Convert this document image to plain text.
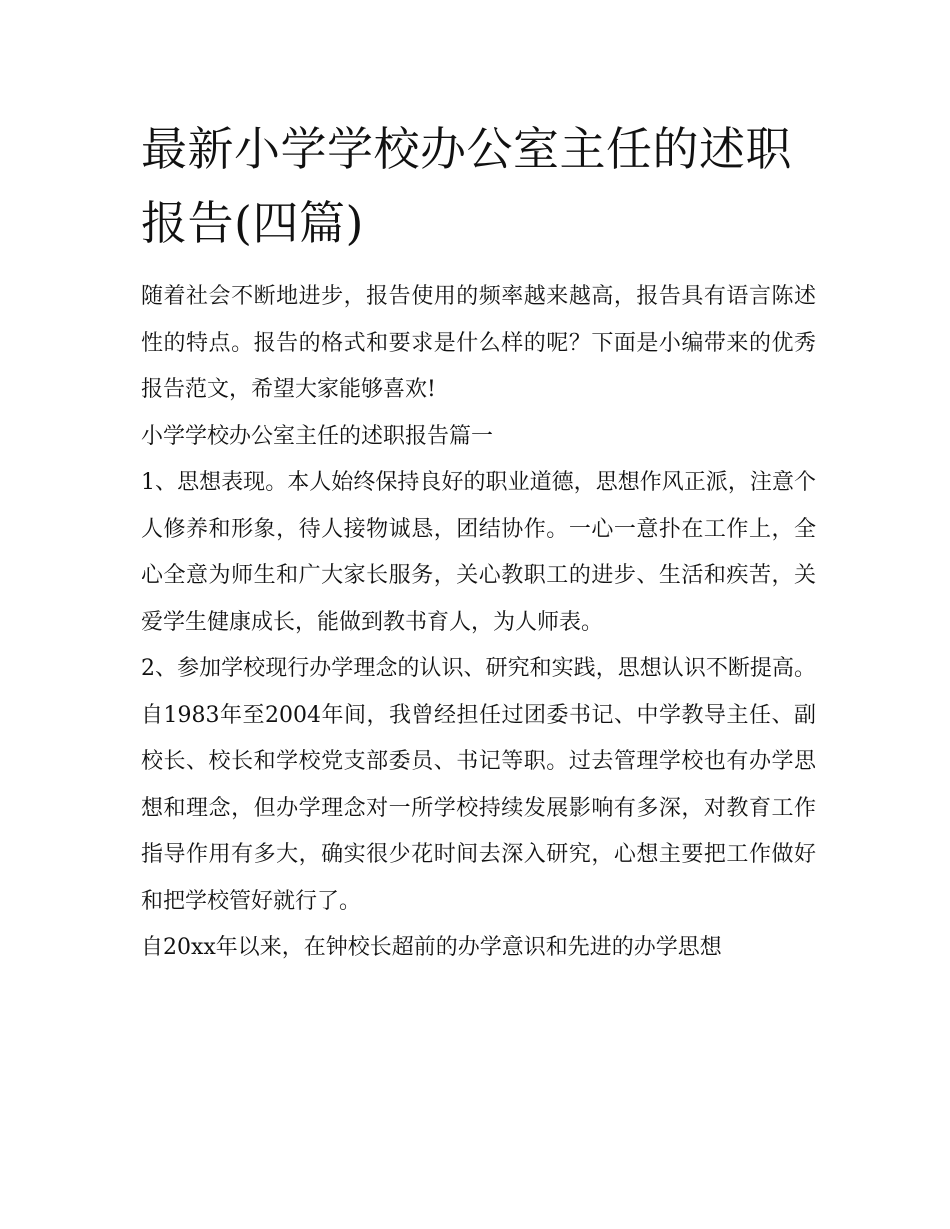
最新小学学校办公室主任的述职报告(四篇)

随着社会不断地进步，报告使用的频率越来越高，报告具有语言陈述性的特点。报告的格式和要求是什么样的呢？下面是小编带来的优秀报告范文，希望大家能够喜欢!

小学学校办公室主任的述职报告篇一

1、思想表现。本人始终保持良好的职业道德，思想作风正派，注意个人修养和形象，待人接物诚恳，团结协作。一心一意扑在工作上，全心全意为师生和广大家长服务，关心教职工的进步、生活和疾苦，关爱学生健康成长，能做到教书育人，为人师表。

2、参加学校现行办学理念的认识、研究和实践，思想认识不断提高。自1983年至2004年间，我曾经担任过团委书记、中学教导主任、副校长、校长和学校党支部委员、书记等职。过去管理学校也有办学思想和理念，但办学理念对一所学校持续发展影响有多深，对教育工作指导作用有多大，确实很少花时间去深入研究，心想主要把工作做好和把学校管好就行了。

自20xx年以来，在钟校长超前的办学意识和先进的办学思想
